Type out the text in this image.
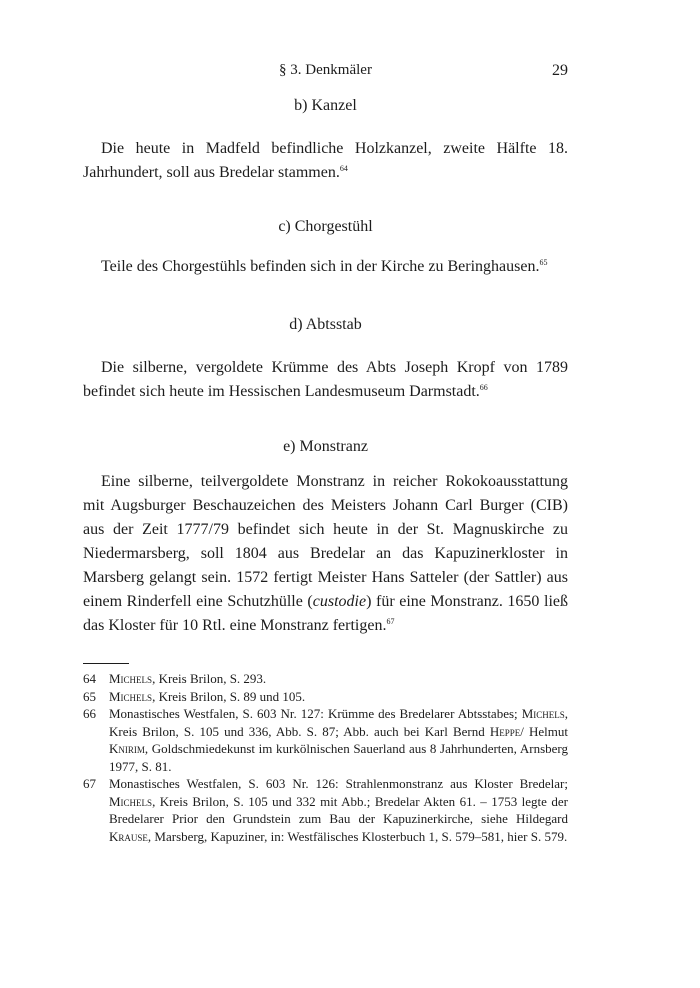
§ 3. Denkmäler	29
b) Kanzel

Die heute in Madfeld befindliche Holzkanzel, zweite Hälfte 18. Jahrhundert, soll aus Bredelar stammen.$^{64}$

c) Chorgestühl

Teile des Chorgestühls befinden sich in der Kirche zu Beringhausen.$^{65}$

d) Abtsstab

Die silberne, vergoldete Krümme des Abts Joseph Kropf von 1789 befindet sich heute im Hessischen Landesmuseum Darmstadt.$^{66}$

e) Monstranz

Eine silberne, teilvergoldete Monstranz in reicher Rokokoausstattung mit Augsburger Beschauzeichen des Meisters Johann Carl Burger (CIB) aus der Zeit 1777/79 befindet sich heute in der St. Magnuskirche zu Niedermarsberg, soll 1804 aus Bredelar an das Kapuzinerkloster in Marsberg gelangt sein. 1572 fertigt Meister Hans Satteler (der Sattler) aus einem Rinderfell eine Schutzhülle (custodie) für eine Monstranz. 1650 ließ das Kloster für 10 Rtl. eine Monstranz fertigen.$^{67}$

64 Michels, Kreis Brilon, S. 293.

65 Michels, Kreis Brilon, S. 89 und 105.

66 Monastisches Westfalen, S. 603 Nr. 127: Krümme des Bredelarer Abtsstabes; Michels, Kreis Brilon, S. 105 und 336, Abb. S. 87; Abb. auch bei Karl Bernd Heppe/ Helmut Knirim, Goldschmiedekunst im kurkölnischen Sauerland aus 8 Jahrhunderten, Arnsberg 1977, S. 81.

67 Monastisches Westfalen, S. 603 Nr. 126: Strahlenmonstranz aus Kloster Bredelar; Michels, Kreis Brilon, S. 105 und 332 mit Abb.; Bredelar Akten 61. – 1753 legte der Bredelarer Prior den Grundstein zum Bau der Kapuzinerkirche, siehe Hildegard Krause, Marsberg, Kapuziner, in: Westfälisches Klosterbuch 1, S. 579–581, hier S. 579.
